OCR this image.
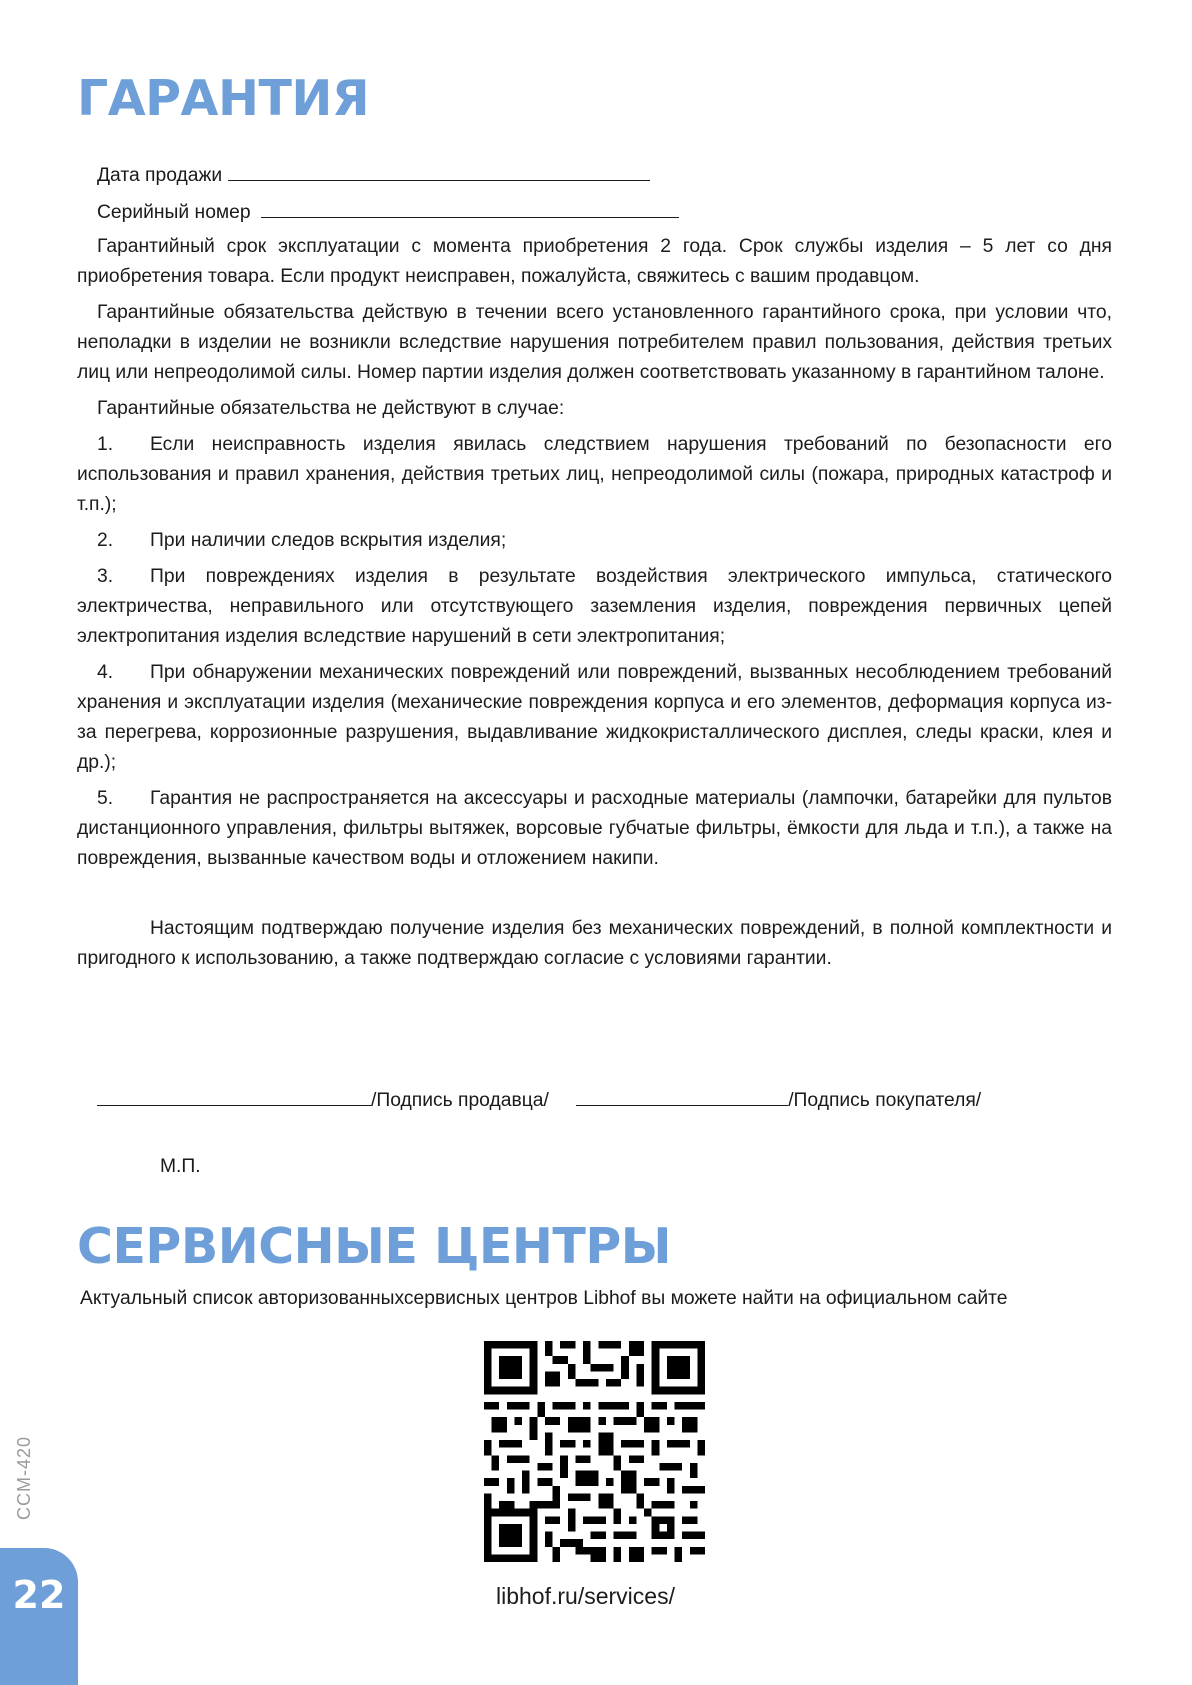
ГАРАНТИЯ
Дата продажи
Серийный номер

Гарантийный срок эксплуатации с момента приобретения 2 года. Срок службы изделия – 5 лет со дня приобретения товара. Если продукт неисправен, пожалуйста, свяжитесь с вашим продавцом.

Гарантийные обязательства действую в течении всего установленного гарантийного срока, при условии что, неполадки в изделии не возникли вследствие нарушения потребителем правил пользования, действия третьих лиц или непреодолимой силы. Номер партии изделия должен соответствовать указанному в гарантийном талоне.

Гарантийные обязательства не действуют в случае:

1. Если неисправность изделия явилась следствием нарушения требований по безопасности его использования и правил хранения, действия третьих лиц, непреодолимой силы (пожара, природных катастроф и т.п.);

2. При наличии следов вскрытия изделия;

3. При повреждениях изделия в результате воздействия электрического импульса, статического электричества, неправильного или отсутствующего заземления изделия, повреждения первичных цепей электропитания изделия вследствие нарушений в сети электропитания;

4. При обнаружении механических повреждений или повреждений, вызванных несоблюдением требований хранения и эксплуатации изделия (механические повреждения корпуса и его элементов, деформация корпуса из-за перегрева, коррозионные разрушения, выдавливание жидкокристаллического дисплея, следы краски, клея и др.);

5. Гарантия не распространяется на аксессуары и расходные материалы (лампочки, батарейки для пультов дистанционного управления, фильтры вытяжек, ворсовые губчатые фильтры, ёмкости для льда и т.п.), а также на повреждения, вызванные качеством воды и отложением накипи.

Настоящим подтверждаю получение изделия без механических повреждений, в полной комплектности и пригодного к использованию, а также подтверждаю согласие с условиями гарантии.

/Подпись продавца/	/Подпись покупателя/
М.П.
СЕРВИСНЫЕ ЦЕНТРЫ
Актуальный список авторизованныхсервисных центров Libhof вы можете найти на официальном сайте
libhof.ru/services/
CCM-420
22
